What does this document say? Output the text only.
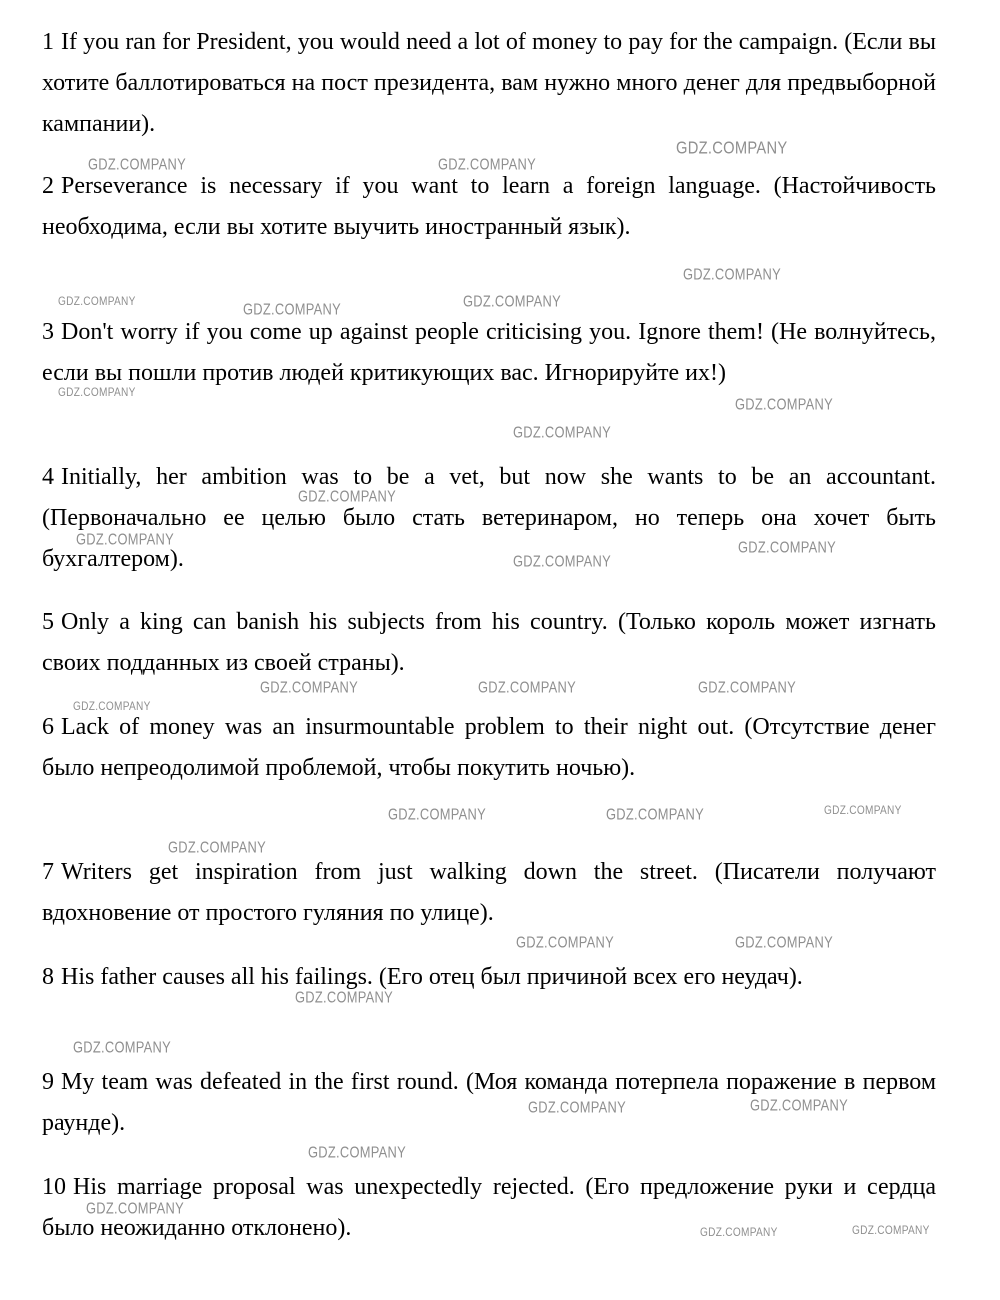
GDZ.COMPANY	GDZ.COMPANY
GDZ.COMPANY
GDZ.COMPANY
GDZ.COMPANY	GDZ.COMPANY	GDZ.COMPANY
GDZ.COMPANY
GDZ.COMPANY
GDZ.COMPANY
GDZ.COMPANY
GDZ.COMPANY	GDZ.COMPANY
GDZ.COMPANY
GDZ.COMPANY	GDZ.COMPANY	GDZ.COMPANY
GDZ.COMPANY
GDZ.COMPANY	GDZ.COMPANY	GDZ.COMPANY
GDZ.COMPANY
GDZ.COMPANY	GDZ.COMPANY
GDZ.COMPANY
GDZ.COMPANY
GDZ.COMPANY	GDZ.COMPANY
GDZ.COMPANY
GDZ.COMPANY
GDZ.COMPANY	GDZ.COMPANY

1 If you ran for President, you would need a lot of money to pay for the campaign. (Если вы хотите баллотироваться на пост президента, вам нужно много денег для предвыборной кампании).

2 Perseverance is necessary if you want to learn a foreign language. (Настойчивость необходима, если вы хотите выучить иностранный язык).

3 Don't worry if you come up against people criticising you. Ignore them! (Не волнуйтесь, если вы пошли против людей критикующих вас. Игнорируйте их!)

4 Initially, her ambition was to be a vet, but now she wants to be an accountant. (Первоначально ее целью было стать ветеринаром, но теперь она хочет быть бухгалтером).

5 Only a king can banish his subjects from his country. (Только король может изгнать своих подданных из своей страны).

6 Lack of money was an insurmountable problem to their night out. (Отсутствие денег было непреодолимой проблемой, чтобы покутить ночью).

7 Writers get inspiration from just walking down the street. (Писатели получают вдохновение от простого гуляния по улице).

8 His father causes all his failings. (Его отец был причиной всех его неудач).

9 My team was defeated in the first round. (Моя команда потерпела поражение в первом раунде).

10 His marriage proposal was unexpectedly rejected. (Его предложение руки и сердца было неожиданно отклонено).
